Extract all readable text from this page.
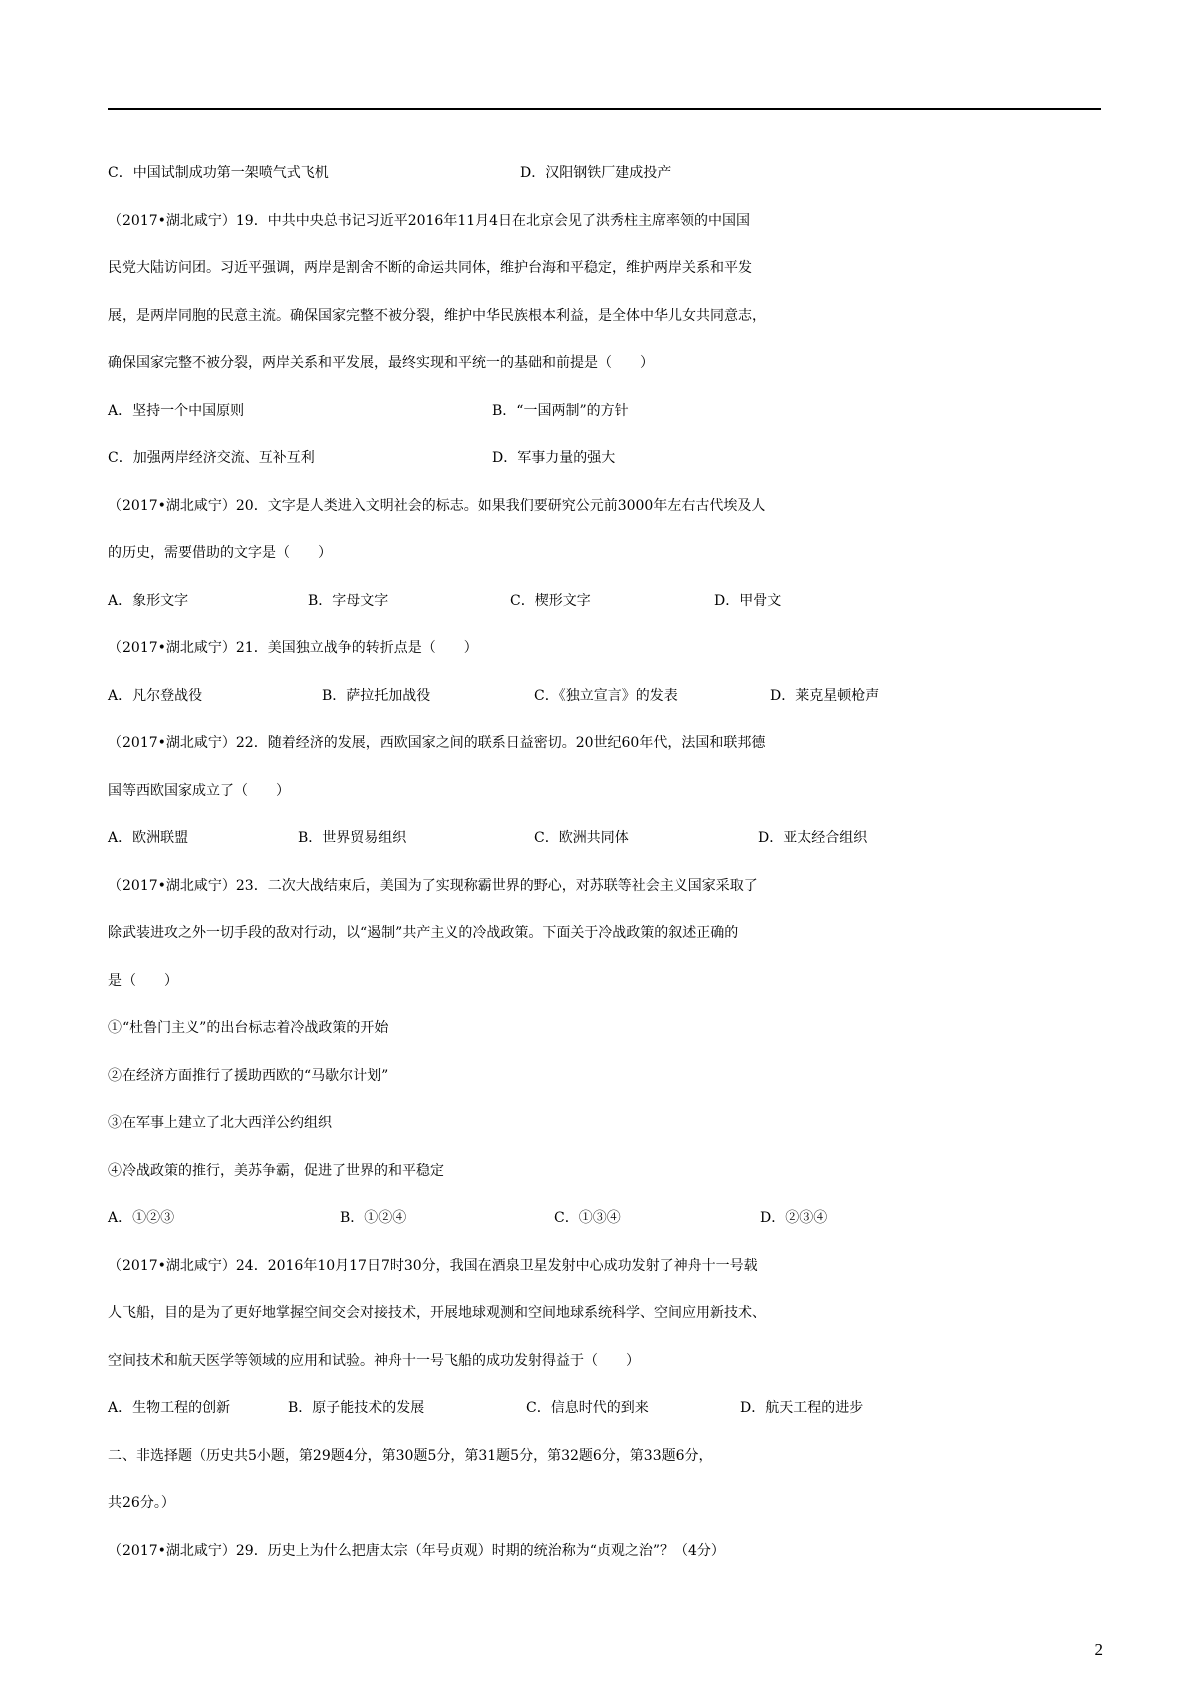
C．中国试制成功第一架喷气式飞机	D．汉阳钢铁厂建成投产
（2017•湖北咸宁）19．中共中央总书记习近平2016年11月4日在北京会见了洪秀柱主席率领的中国国
民党大陆访问团。习近平强调，两岸是割舍不断的命运共同体，维护台海和平稳定，维护两岸关系和平发
展，是两岸同胞的民意主流。确保国家完整不被分裂，维护中华民族根本利益，是全体中华儿女共同意志，
确保国家完整不被分裂，两岸关系和平发展，最终实现和平统一的基础和前提是（　　）
A．坚持一个中国原则	B．“一国两制”的方针
C．加强两岸经济交流、互补互利	D．军事力量的强大
（2017•湖北咸宁）20．文字是人类进入文明社会的标志。如果我们要研究公元前3000年左右古代埃及人
的历史，需要借助的文字是（　　）
A．象形文字	B．字母文字	C．楔形文字	D．甲骨文
（2017•湖北咸宁）21．美国独立战争的转折点是（　　）
A．凡尔登战役	B．萨拉托加战役	C．《独立宣言》的发表	D．莱克星顿枪声
（2017•湖北咸宁）22．随着经济的发展，西欧国家之间的联系日益密切。20世纪60年代，法国和联邦德
国等西欧国家成立了（　　）
A．欧洲联盟	B．世界贸易组织	C．欧洲共同体	D．亚太经合组织
（2017•湖北咸宁）23．二次大战结束后，美国为了实现称霸世界的野心，对苏联等社会主义国家采取了
除武装进攻之外一切手段的敌对行动，以“遏制”共产主义的冷战政策。下面关于冷战政策的叙述正确的
是（　　）
①“杜鲁门主义”的出台标志着冷战政策的开始
②在经济方面推行了援助西欧的“马歇尔计划”
③在军事上建立了北大西洋公约组织
④冷战政策的推行，美苏争霸，促进了世界的和平稳定
A．①②③	B．①②④	C．①③④	D．②③④
（2017•湖北咸宁）24．2016年10月17日7时30分，我国在酒泉卫星发射中心成功发射了神舟十一号载
人飞船，目的是为了更好地掌握空间交会对接技术，开展地球观测和空间地球系统科学、空间应用新技术、
空间技术和航天医学等领域的应用和试验。神舟十一号飞船的成功发射得益于（　　）
A．生物工程的创新	B．原子能技术的发展	C．信息时代的到来	D．航天工程的进步
二、非选择题（历史共5小题，第29题4分，第30题5分，第31题5分，第32题6分，第33题6分，
共26分。）
（2017•湖北咸宁）29．历史上为什么把唐太宗（年号贞观）时期的统治称为“贞观之治”？（4分）
2
